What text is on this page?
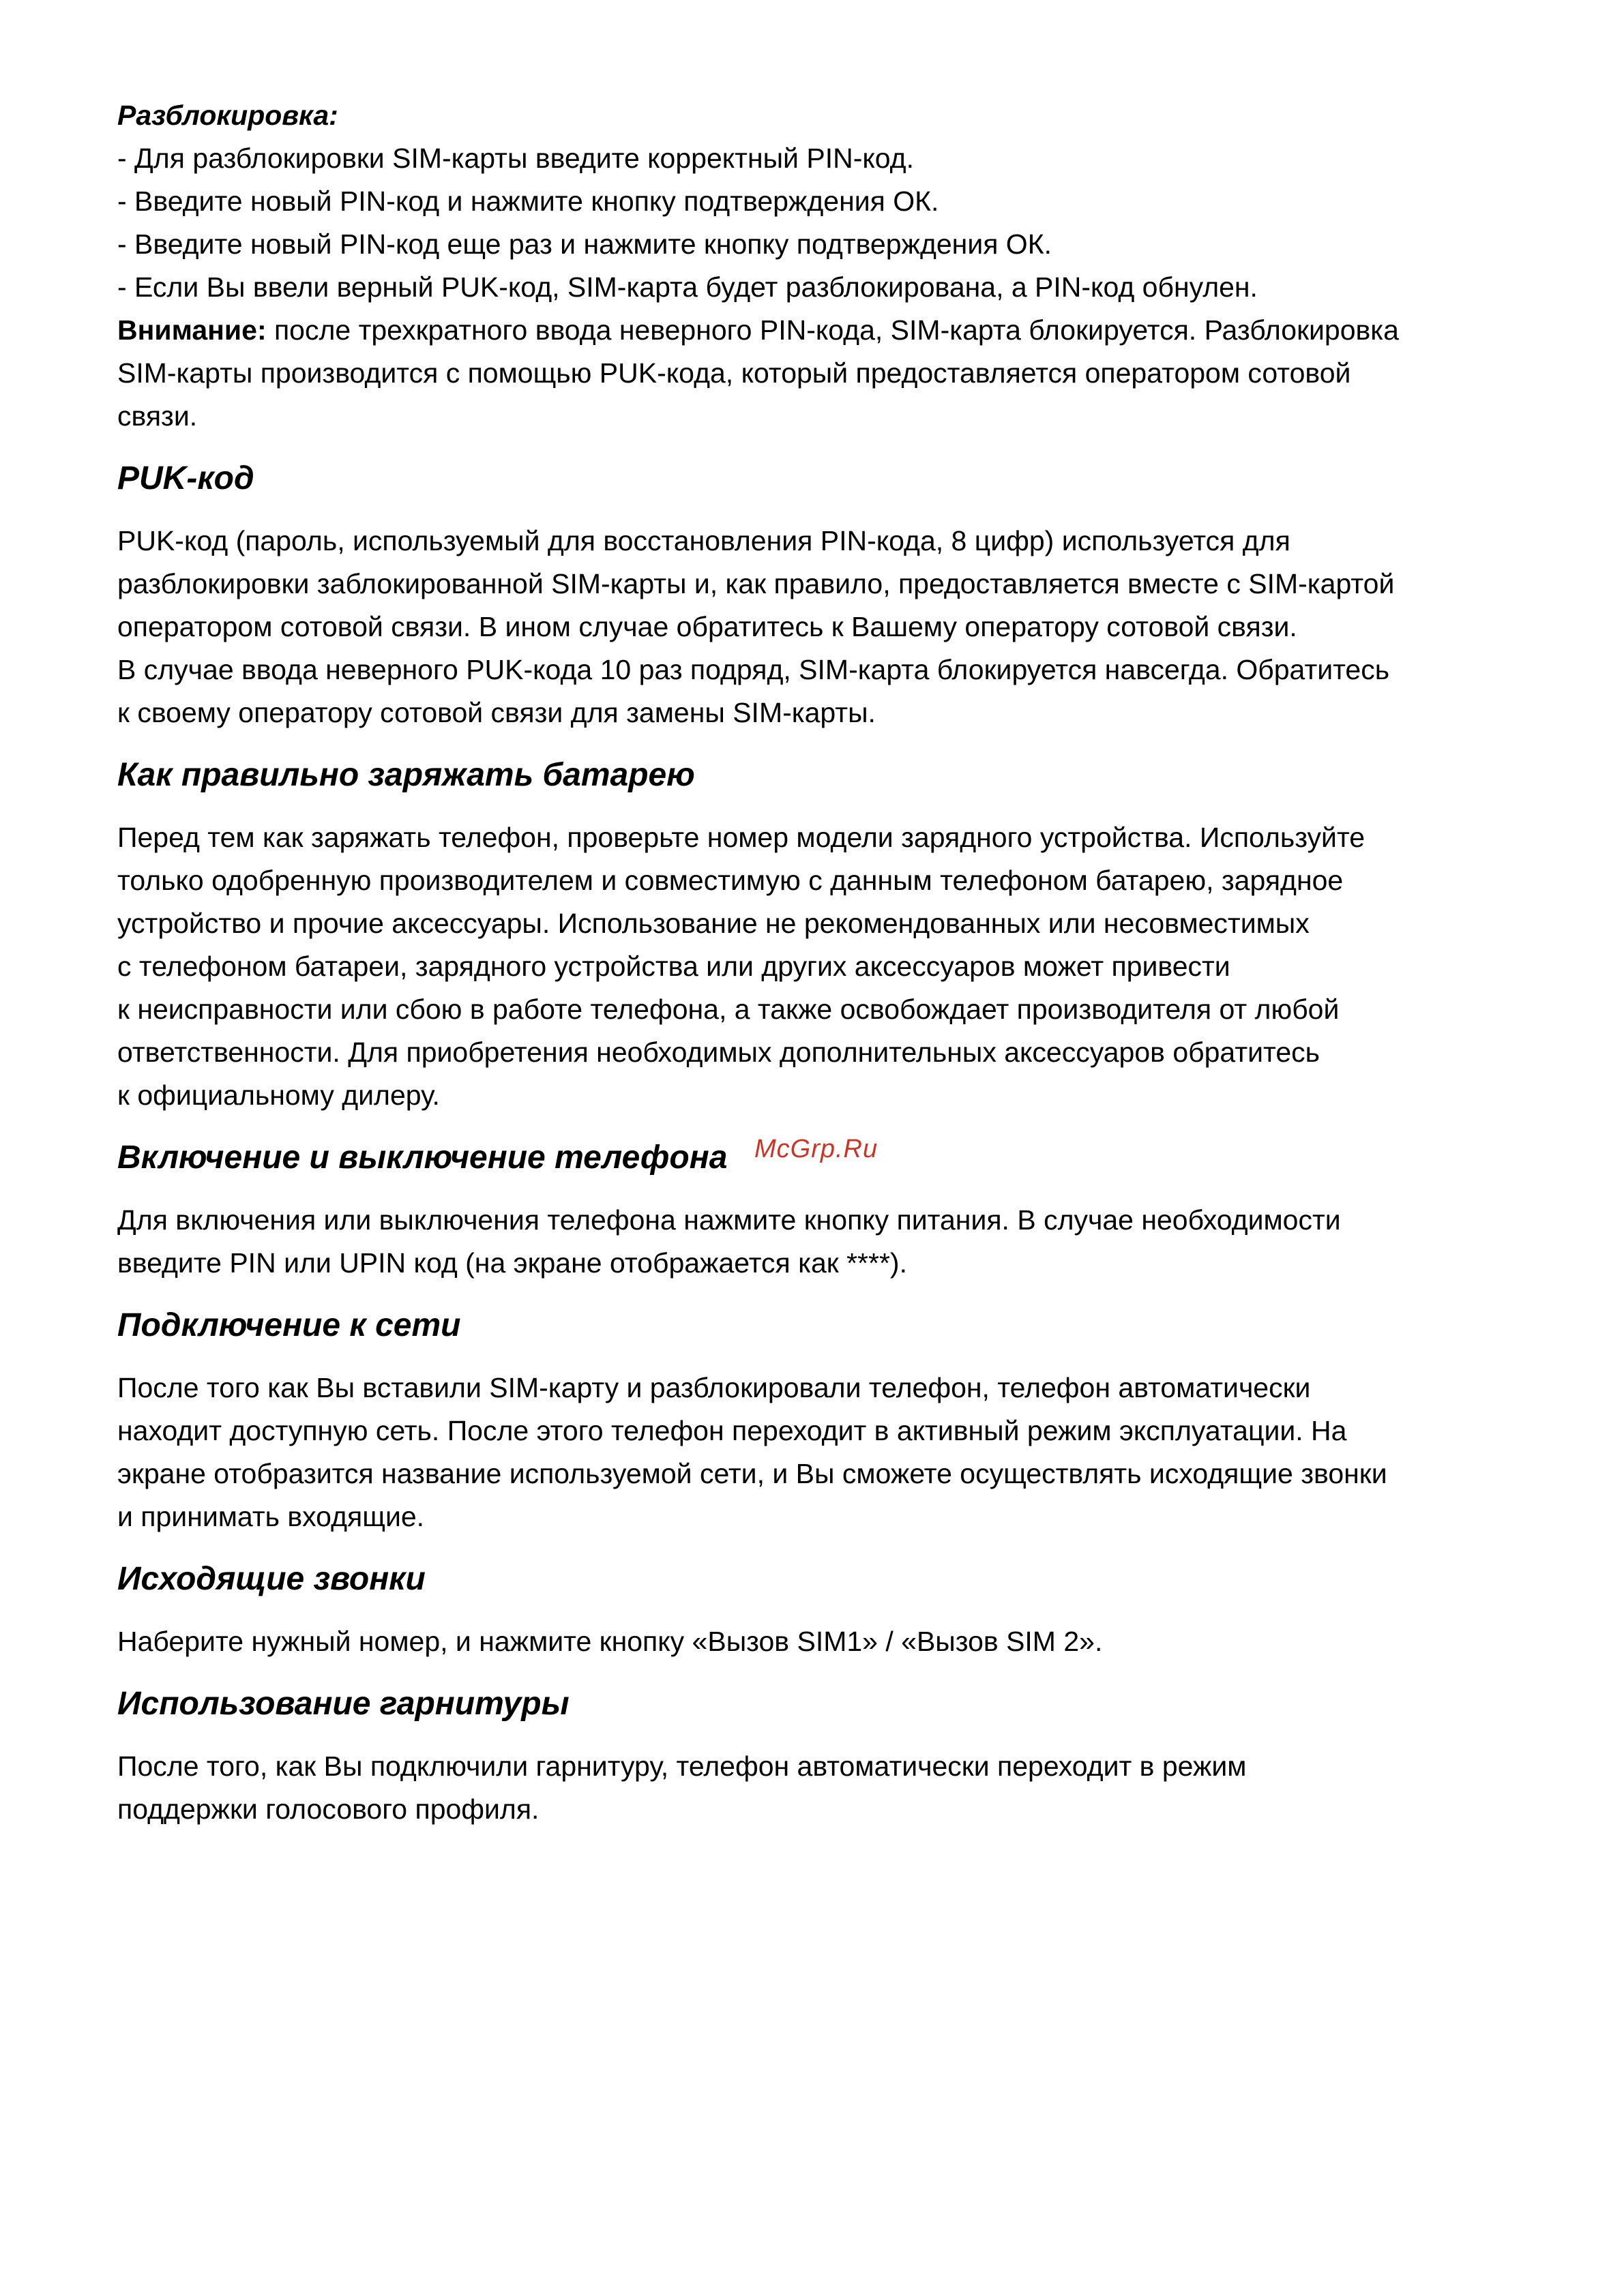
Разблокировка:

- Для разблокировки SIM-карты введите корректный PIN-код.

- Введите новый PIN-код и нажмите кнопку подтверждения ОК.

- Введите новый PIN-код еще раз и нажмите кнопку подтверждения ОК.

- Если Вы ввели верный PUK-код, SIM-карта будет разблокирована, а PIN-код обнулен.

Внимание: после трехкратного ввода неверного PIN-кода, SIM-карта блокируется. Разблокировка

SIM-карты производится с помощью PUK-кода, который предоставляется оператором сотовой

связи.

PUK-код

PUK-код (пароль, используемый для восстановления PIN-кода, 8 цифр) используется для

разблокировки заблокированной SIM-карты и, как правило, предоставляется вместе с SIM-картой

оператором сотовой связи. В ином случае обратитесь к Вашему оператору сотовой связи.

В случае ввода неверного PUK-кода 10 раз подряд, SIM-карта блокируется навсегда. Обратитесь

к своему оператору сотовой связи для замены SIM-карты.

Как правильно заряжать батарею

Перед тем как заряжать телефон, проверьте номер модели зарядного устройства. Используйте

только одобренную производителем и совместимую с данным телефоном батарею, зарядное

устройство и прочие аксессуары. Использование не рекомендованных или несовместимых

с телефоном батареи, зарядного устройства или других аксессуаров может привести

к неисправности или сбою в работе телефона, а также освобождает производителя от любой

ответственности. Для приобретения необходимых дополнительных аксессуаров обратитесь

к официальному дилеру.

Включение и выключение телефона

Для включения или выключения телефона нажмите кнопку питания. В случае необходимости

введите PIN или UPIN код (на экране отображается как ****).

Подключение к сети

После того как Вы вставили SIM-карту и разблокировали телефон, телефон автоматически

находит доступную сеть. После этого телефон переходит в активный режим эксплуатации. На

экране отобразится название используемой сети, и Вы сможете осуществлять исходящие звонки

и принимать входящие.

Исходящие звонки

Наберите нужный номер, и нажмите кнопку «Вызов SIM1» / «Вызов SIM 2».

Использование гарнитуры

После того, как Вы подключили гарнитуру, телефон автоматически переходит в режим

поддержки голосового профиля.

McGrp.Ru
